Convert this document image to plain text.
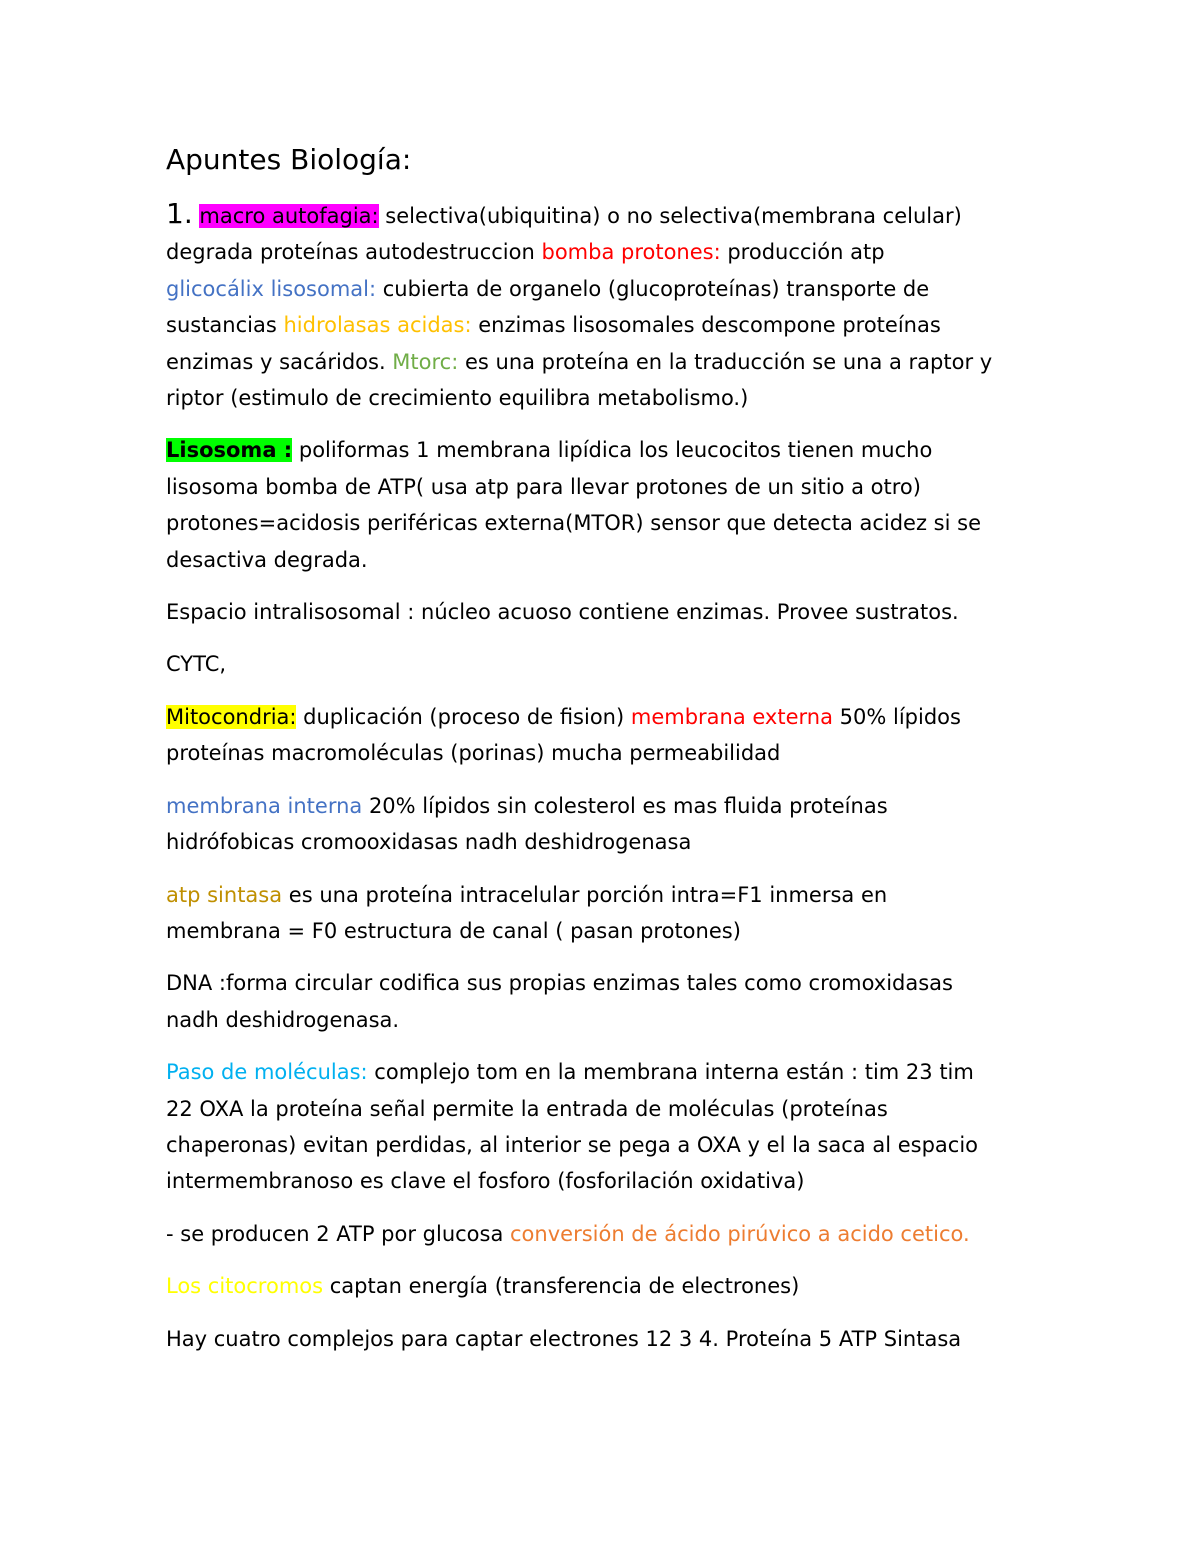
Apuntes Biología:

1. macro autofagia: selectiva(ubiquitina) o no selectiva(membrana celular)
degrada proteínas autodestruccion bomba protones: producción atp
glicocálix lisosomal: cubierta de organelo (glucoproteínas) transporte de
sustancias hidrolasas acidas: enzimas lisosomales descompone proteínas
enzimas y sacáridos. Mtorc: es una proteína en la traducción se una a raptor y
riptor (estimulo de crecimiento equilibra metabolismo.)

Lisosoma : poliformas 1 membrana lipídica los leucocitos tienen mucho
lisosoma bomba de ATP( usa atp para llevar protones de un sitio a otro)
protones=acidosis periféricas externa(MTOR) sensor que detecta acidez si se
desactiva degrada.

Espacio intralisosomal : núcleo acuoso contiene enzimas. Provee sustratos.

CYTC,

Mitocondria: duplicación (proceso de fision) membrana externa 50% lípidos
proteínas macromoléculas (porinas) mucha permeabilidad

membrana interna 20% lípidos sin colesterol es mas fluida proteínas
hidrófobicas cromooxidasas nadh deshidrogenasa

atp sintasa es una proteína intracelular porción intra=F1 inmersa en
membrana = F0 estructura de canal ( pasan protones)

DNA :forma circular codifica sus propias enzimas tales como cromoxidasas
nadh deshidrogenasa.

Paso de moléculas: complejo tom en la membrana interna están : tim 23 tim
22 OXA la proteína señal permite la entrada de moléculas (proteínas
chaperonas) evitan perdidas, al interior se pega a OXA y el la saca al espacio
intermembranoso es clave el fosforo (fosforilación oxidativa)

- se producen 2 ATP por glucosa conversión de ácido pirúvico a acido cetico.

Los citocromos captan energía (transferencia de electrones)

Hay cuatro complejos para captar electrones 12 3 4. Proteína 5 ATP Sintasa
